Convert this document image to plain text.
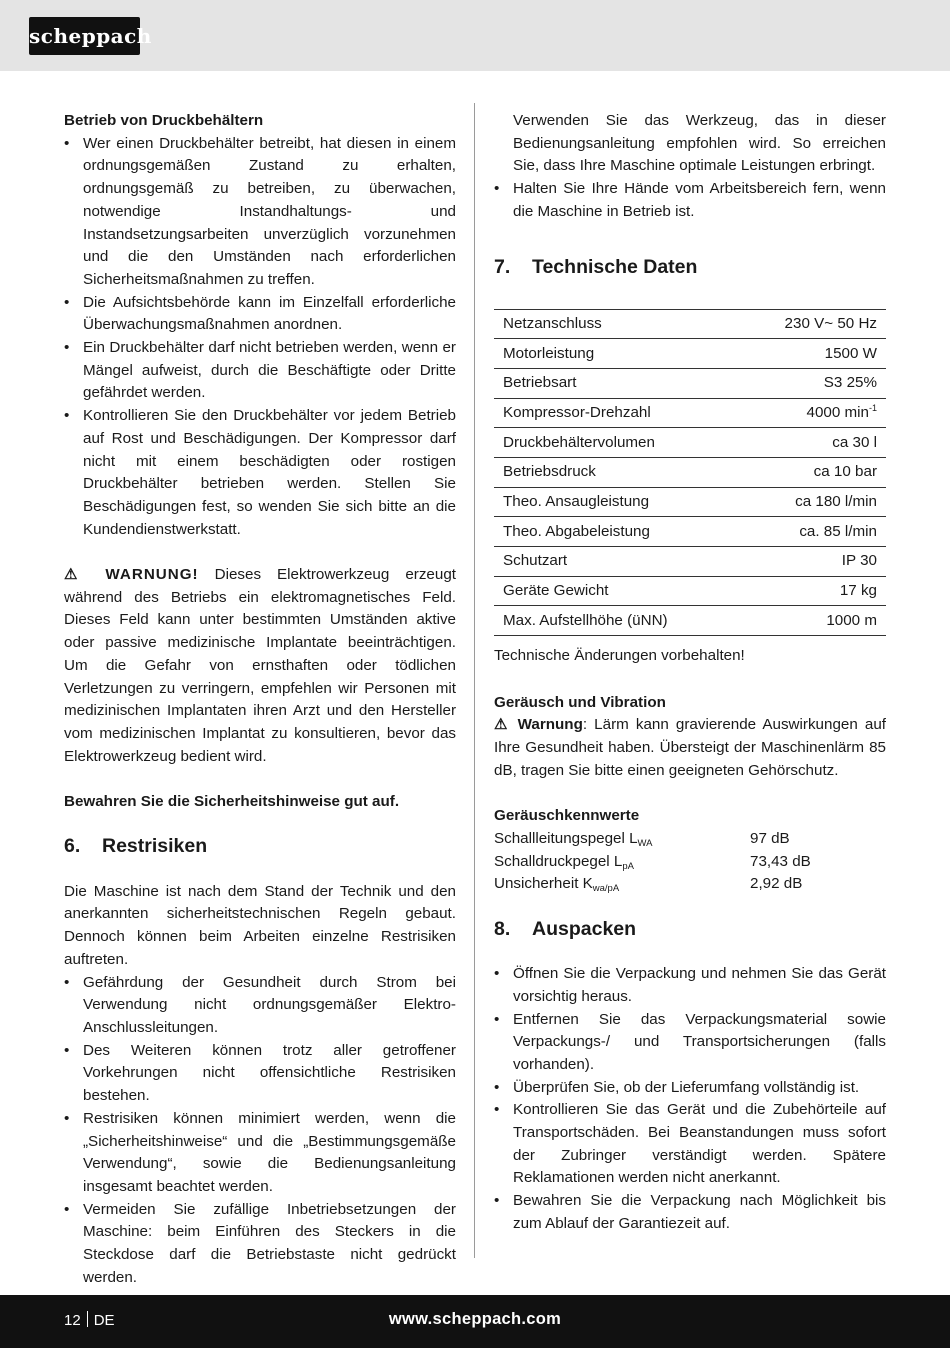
scheppach
Betrieb von Druckbehältern
• Wer einen Druckbehälter betreibt, hat diesen in einem ordnungsgemäßen Zustand zu erhalten, ordnungsgemäß zu betreiben, zu überwachen, notwendige Instandhaltungs- und Instandsetzungsarbeiten unverzüglich vorzunehmen und die den Umständen nach erforderlichen Sicherheitsmaßnahmen zu treffen.
• Die Aufsichtsbehörde kann im Einzelfall erforderliche Überwachungsmaßnahmen anordnen.
• Ein Druckbehälter darf nicht betrieben werden, wenn er Mängel aufweist, durch die Beschäftigte oder Dritte gefährdet werden.
• Kontrollieren Sie den Druckbehälter vor jedem Betrieb auf Rost und Beschädigungen. Der Kompressor darf nicht mit einem beschädigten oder rostigen Druckbehälter betrieben werden. Stellen Sie Beschädigungen fest, so wenden Sie sich bitte an die Kundendienstwerkstatt.

⚠ WARNUNG! Dieses Elektrowerkzeug erzeugt während des Betriebs ein elektromagnetisches Feld. Dieses Feld kann unter bestimmten Umständen aktive oder passive medizinische Implantate beeinträchtigen. Um die Gefahr von ernsthaften oder tödlichen Verletzungen zu verringern, empfehlen wir Personen mit medizinischen Implantaten ihren Arzt und den Hersteller vom medizinischen Implantat zu konsultieren, bevor das Elektrowerkzeug bedient wird.

Bewahren Sie die Sicherheitshinweise gut auf.

6. Restrisiken

Die Maschine ist nach dem Stand der Technik und den anerkannten sicherheitstechnischen Regeln gebaut. Dennoch können beim Arbeiten einzelne Restrisiken auftreten.

• Gefährdung der Gesundheit durch Strom bei Verwendung nicht ordnungsgemäßer Elektro-Anschlussleitungen.
• Des Weiteren können trotz aller getroffener Vorkehrungen nicht offensichtliche Restrisiken bestehen.
• Restrisiken können minimiert werden, wenn die „Sicherheitshinweise“ und die „Bestimmungsgemäße Verwendung“, sowie die Bedienungsanleitung insgesamt beachtet werden.
• Vermeiden Sie zufällige Inbetriebsetzungen der Maschine: beim Einführen des Steckers in die Steckdose darf die Betriebstaste nicht gedrückt werden.
Verwenden Sie das Werkzeug, das in dieser Bedienungsanleitung empfohlen wird. So erreichen Sie, dass Ihre Maschine optimale Leistungen erbringt.
• Halten Sie Ihre Hände vom Arbeitsbereich fern, wenn die Maschine in Betrieb ist.
7. Technische Daten
Netzanschluss	230 V~ 50 Hz
Motorleistung	1500 W
Betriebsart	S3 25%
Kompressor-Drehzahl	4000 $\min^{-1}$
Druckbehältervolumen	ca 30 l
Betriebsdruck	ca 10 bar
Theo. Ansaugleistung	ca 180 l/min
Theo. Abgabeleistung	ca. 85 l/min
Schutzart	IP 30
Geräte Gewicht	17 kg
Max. Aufstellhöhe (üNN)	1000 m

Technische Änderungen vorbehalten!

Geräusch und Vibration

⚠ Warnung: Lärm kann gravierende Auswirkungen auf Ihre Gesundheit haben. Übersteigt der Maschinenlärm 85 dB, tragen Sie bitte einen geeigneten Gehörschutz.

Geräuschkennwerte
Schallleitungspegel $L_{WA}$	97 dB
Schalldruckpegel $L_{pA}$	73,43 dB
Unsicherheit $K_{wa/pA}$	2,92 dB
8. Auspacken
• Öffnen Sie die Verpackung und nehmen Sie das Gerät vorsichtig heraus.
• Entfernen Sie das Verpackungsmaterial sowie Verpackungs-/ und Transportsicherungen (falls vorhanden).
• Überprüfen Sie, ob der Lieferumfang vollständig ist.
• Kontrollieren Sie das Gerät und die Zubehörteile auf Transportschäden. Bei Beanstandungen muss sofort der Zubringer verständigt werden. Spätere Reklamationen werden nicht anerkannt.
• Bewahren Sie die Verpackung nach Möglichkeit bis zum Ablauf der Garantiezeit auf.
12 DE	www.scheppach.com
